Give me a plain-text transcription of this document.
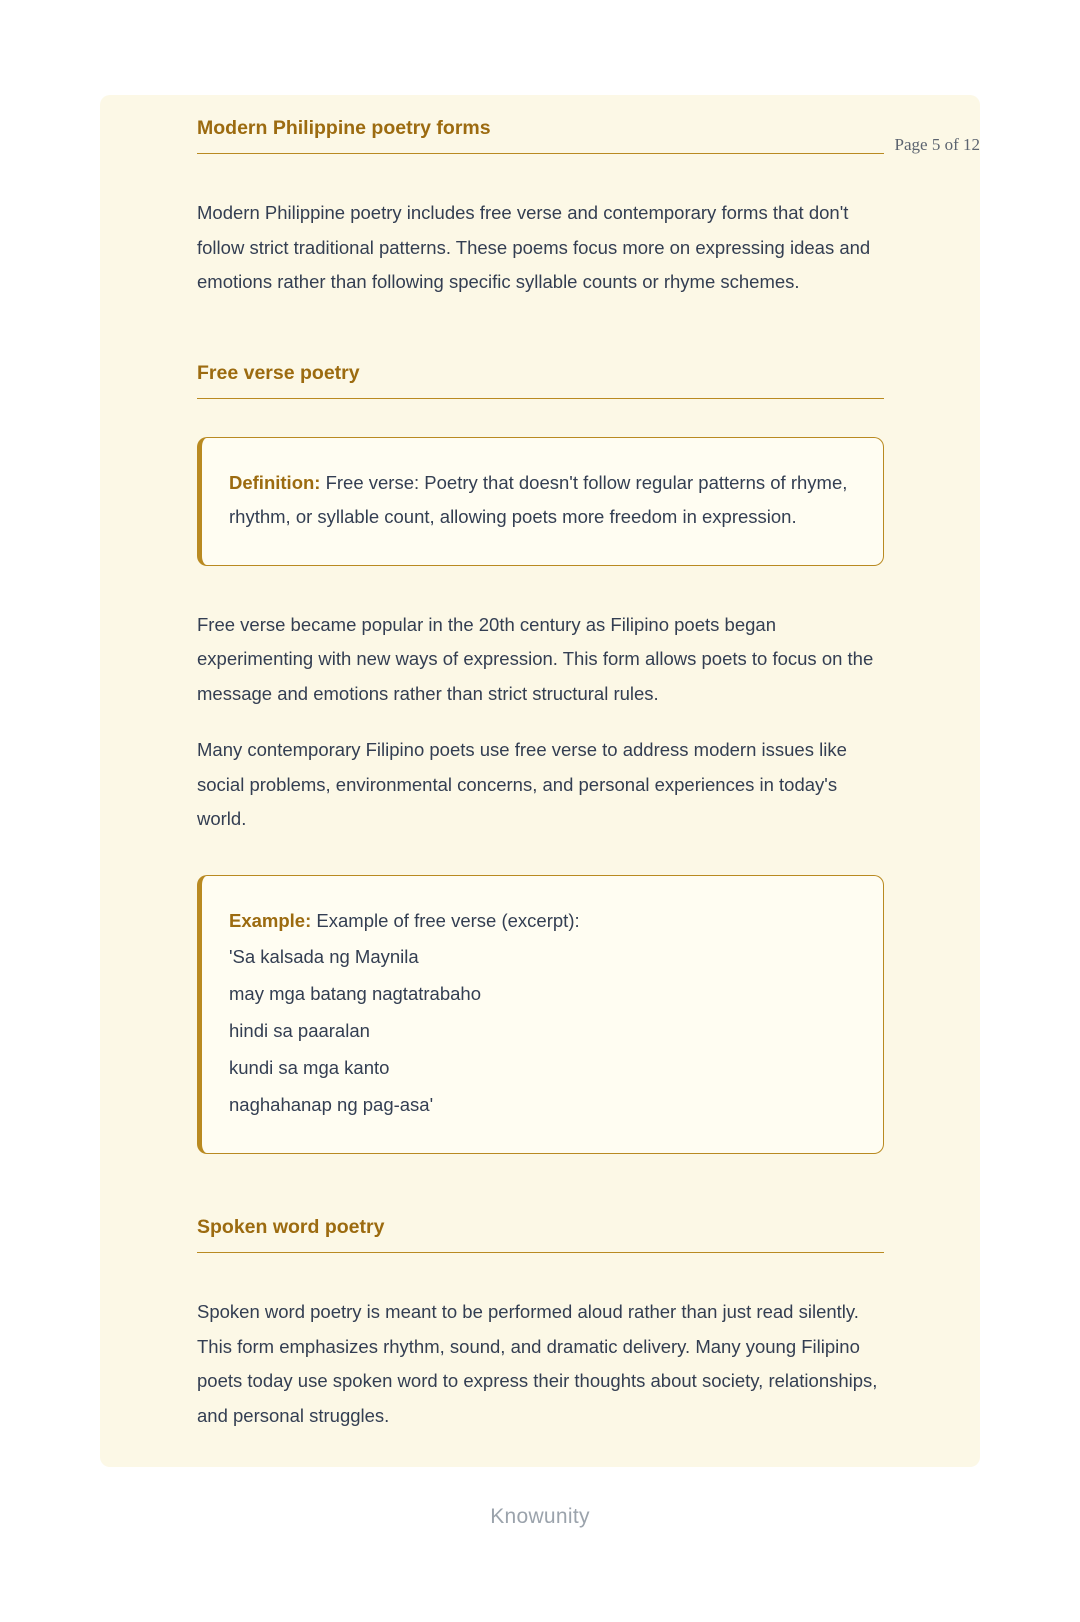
Page 5 of 12
Modern Philippine poetry forms

Modern Philippine poetry includes free verse and contemporary forms that don't follow strict traditional patterns. These poems focus more on expressing ideas and emotions rather than following specific syllable counts or rhyme schemes.

Free verse poetry
Definition: Free verse: Poetry that doesn't follow regular patterns of rhyme, rhythm, or syllable count, allowing poets more freedom in expression.

Free verse became popular in the 20th century as Filipino poets began experimenting with new ways of expression. This form allows poets to focus on the message and emotions rather than strict structural rules.

Many contemporary Filipino poets use free verse to address modern issues like social problems, environmental concerns, and personal experiences in today's world.

Example: Example of free verse (excerpt):
'Sa kalsada ng Maynila
may mga batang nagtatrabaho
hindi sa paaralan
kundi sa mga kanto
naghahanap ng pag-asa'
Spoken word poetry

Spoken word poetry is meant to be performed aloud rather than just read silently. This form emphasizes rhythm, sound, and dramatic delivery. Many young Filipino poets today use spoken word to express their thoughts about society, relationships, and personal struggles.

Knowunity
